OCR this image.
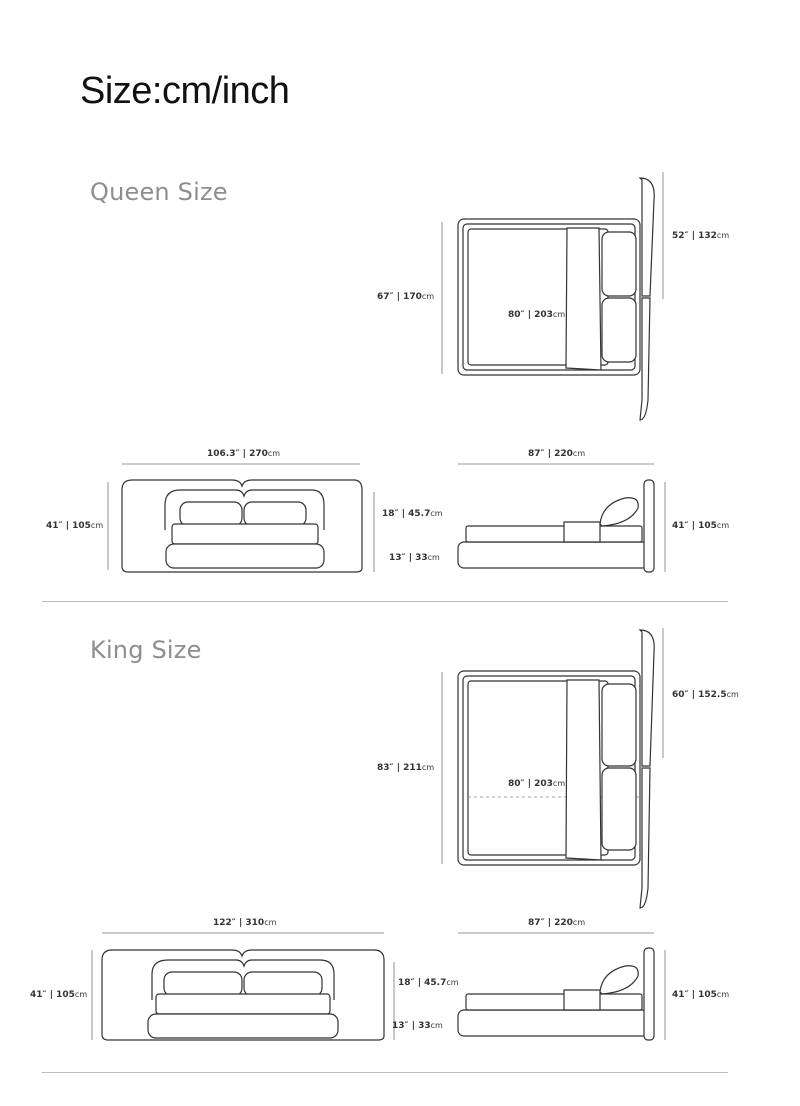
Size:cm/inch
Queen Size
King Size
67″ | 170cm
80″ | 203cm
52″ | 132cm
106.3″ | 270cm
41″ | 105cm
18″ | 45.7cm
13″ | 33cm
87″ | 220cm
41″ | 105cm
83″ | 211cm
80″ | 203cm
60″ | 152.5cm
122″ | 310cm
41″ | 105cm
18″ | 45.7cm
13″ | 33cm
87″ | 220cm
41″ | 105cm
